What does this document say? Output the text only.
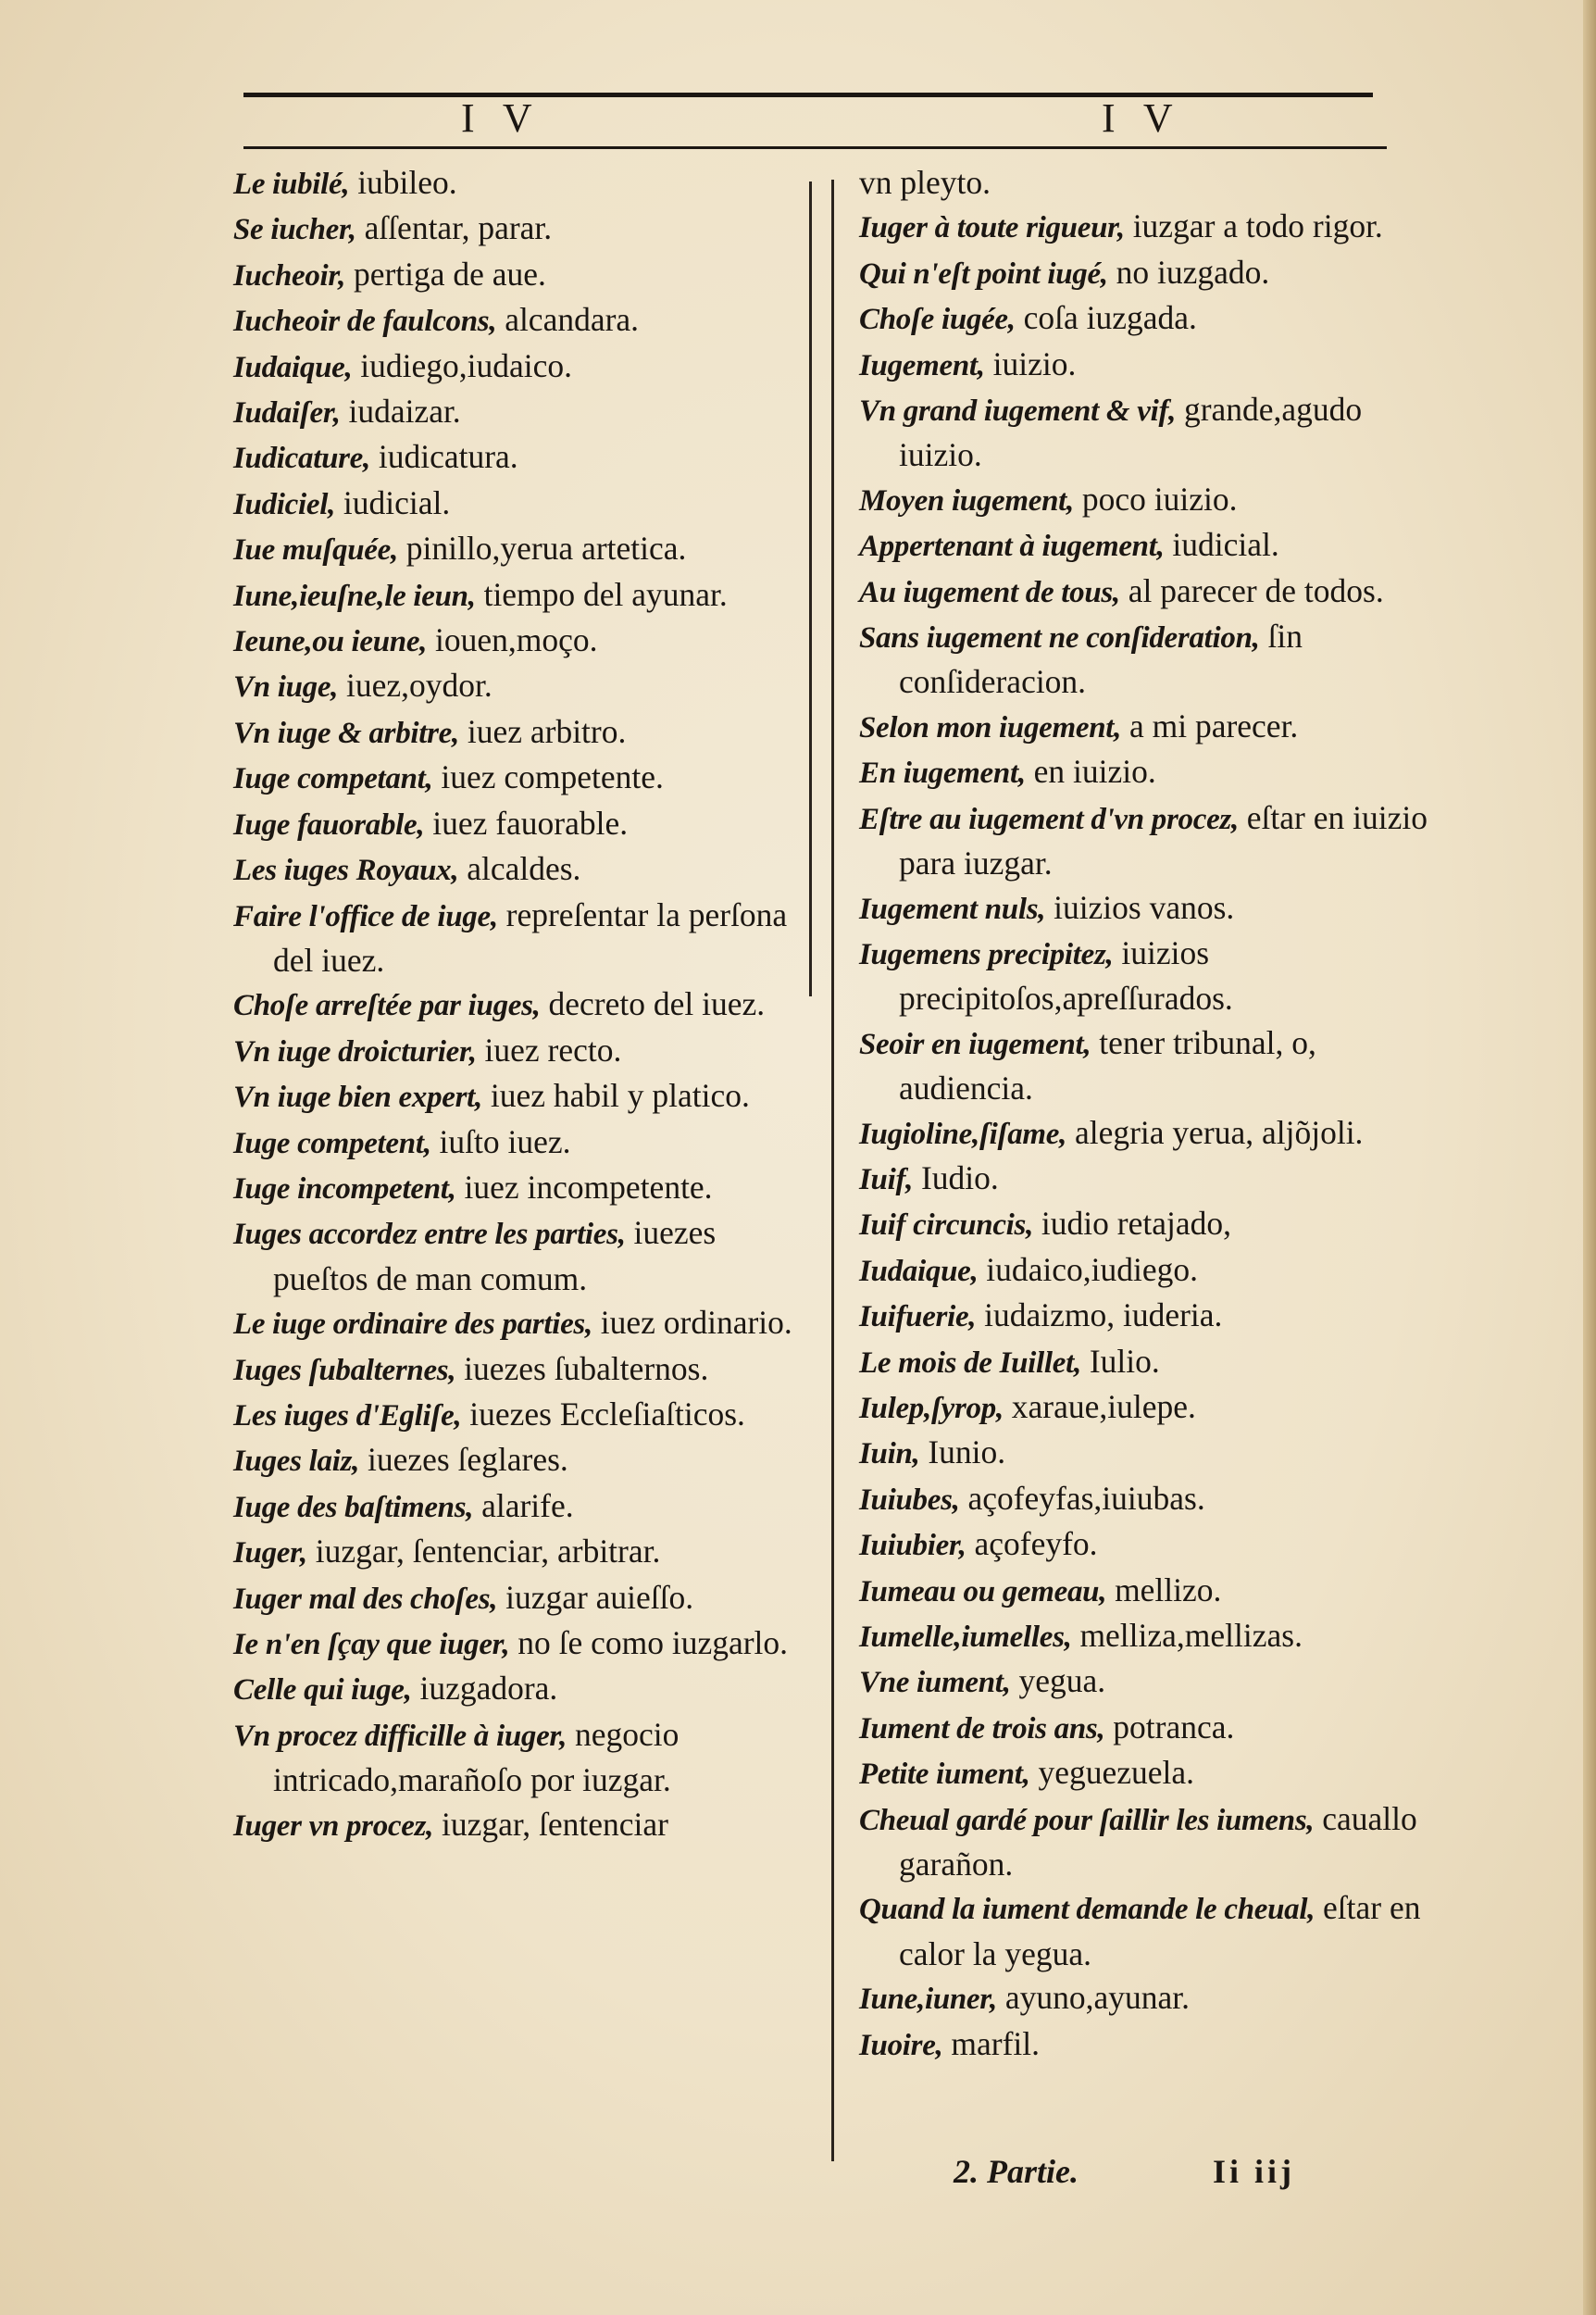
I V	I V
Le iubilé, iubileo.
Se iucher, aſſentar, parar.
Iucheoir, pertiga de aue.
Iucheoir de faulcons, alcandara.
Iudaique, iudiego,iudaico.
Iudaiſer, iudaizar.
Iudicature, iudicatura.
Iudiciel, iudicial.
Iue muſquée, pinillo,yerua artetica.
Iune,ieuſne,le ieun, tiempo del ayunar.
Ieune,ou ieune, iouen,moço.
Vn iuge, iuez,oydor.
Vn iuge & arbitre, iuez arbitro.
Iuge competant, iuez competente.
Iuge fauorable, iuez fauorable.
Les iuges Royaux, alcaldes.
Faire l'office de iuge, repreſentar la perſona del iuez.
Choſe arreſtée par iuges, decreto del iuez.
Vn iuge droicturier, iuez recto.
Vn iuge bien expert, iuez habil y platico.
Iuge competent, iuſto iuez.
Iuge incompetent, iuez incompetente.
Iuges accordez entre les parties, iuezes pueſtos de man comum.
Le iuge ordinaire des parties, iuez ordinario.
Iuges ſubalternes, iuezes ſubalternos.
Les iuges d'Egliſe, iuezes Eccleſiaſticos.
Iuges laiz, iuezes ſeglares.
Iuge des baſtimens, alarife.
Iuger, iuzgar, ſentenciar, arbitrar.
Iuger mal des choſes, iuzgar auieſſo.
Ie n'en ſçay que iuger, no ſe como iuzgarlo.
Celle qui iuge, iuzgadora.
Vn procez difficille à iuger, negocio intricado,marañoſo por iuzgar.
Iuger vn procez, iuzgar, ſentenciar
vn pleyto.
Iuger à toute rigueur, iuzgar a todo rigor.
Qui n'eſt point iugé, no iuzgado.
Choſe iugée, coſa iuzgada.
Iugement, iuizio.
Vn grand iugement & vif, grande,agudo iuizio.
Moyen iugement, poco iuizio.
Appertenant à iugement, iudicial.
Au iugement de tous, al parecer de todos.
Sans iugement ne conſideration, ſin conſideracion.
Selon mon iugement, a mi parecer.
En iugement, en iuizio.
Eſtre au iugement d'vn procez, eſtar en iuizio para iuzgar.
Iugement nuls, iuizios vanos.
Iugemens precipitez, iuizios precipitoſos,apreſſurados.
Seoir en iugement, tener tribunal, o, audiencia.
Iugioline,ſiſame, alegria yerua, aljõjoli.
Iuif, Iudio.
Iuif circuncis, iudio retajado,
Iudaique, iudaico,iudiego.
Iuifuerie, iudaizmo, iuderia.
Le mois de Iuillet, Iulio.
Iulep,ſyrop, xaraue,iulepe.
Iuin, Iunio.
Iuiubes, açofeyfas,iuiubas.
Iuiubier, açofeyfo.
Iumeau ou gemeau, mellizo.
Iumelle,iumelles, melliza,mellizas.
Vne iument, yegua.
Iument de trois ans, potranca.
Petite iument, yeguezuela.
Cheual gardé pour ſaillir les iumens, cauallo garañon.
Quand la iument demande le cheual, eſtar en calor la yegua.
Iune,iuner, ayuno,ayunar.
Iuoire, marfil.
2. Partie.	Ii iij
